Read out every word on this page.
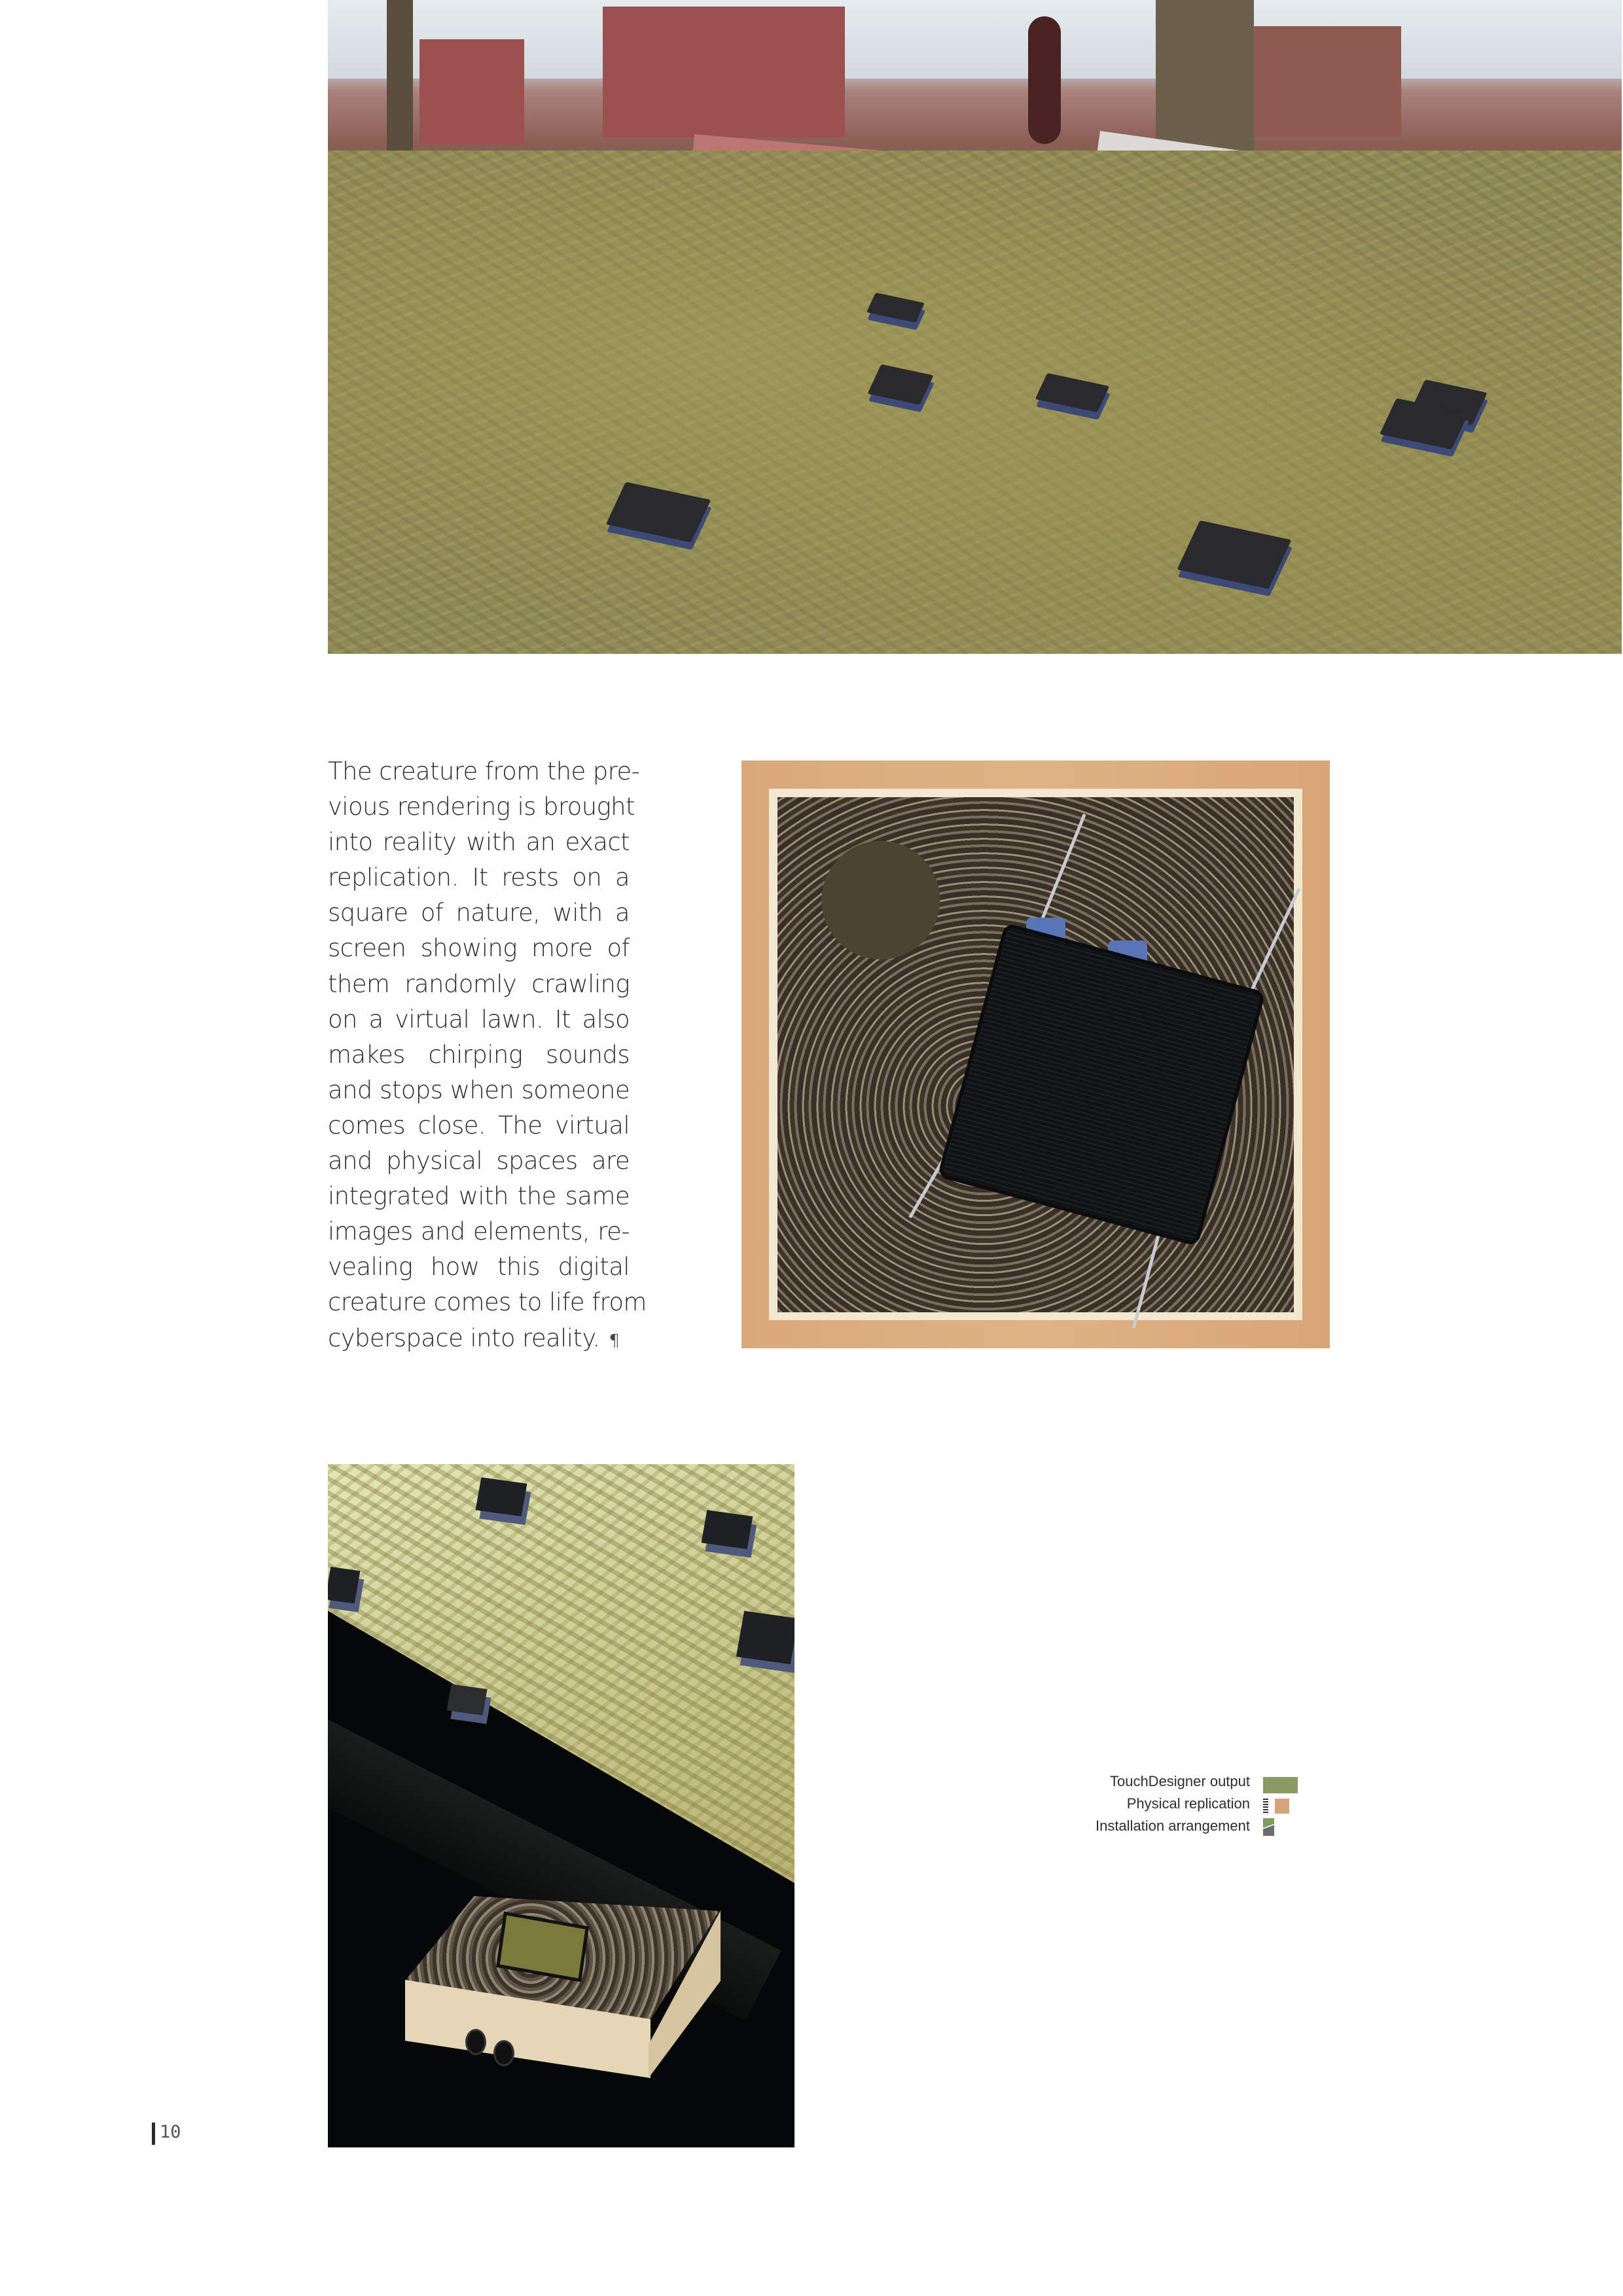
The creature from the pre-
vious rendering is brought
into reality with an exact
replication. It rests on a
square of nature, with a
screen showing more of
them randomly crawling
on a virtual lawn. It also
makes chirping sounds
and stops when someone
comes close. The virtual
and physical spaces are
integrated with the same
images and elements, re-
vealing how this digital
creature comes to life from
cyberspace into reality. ¶
TouchDesigner output
Physical replication
Installation arrangement
10
